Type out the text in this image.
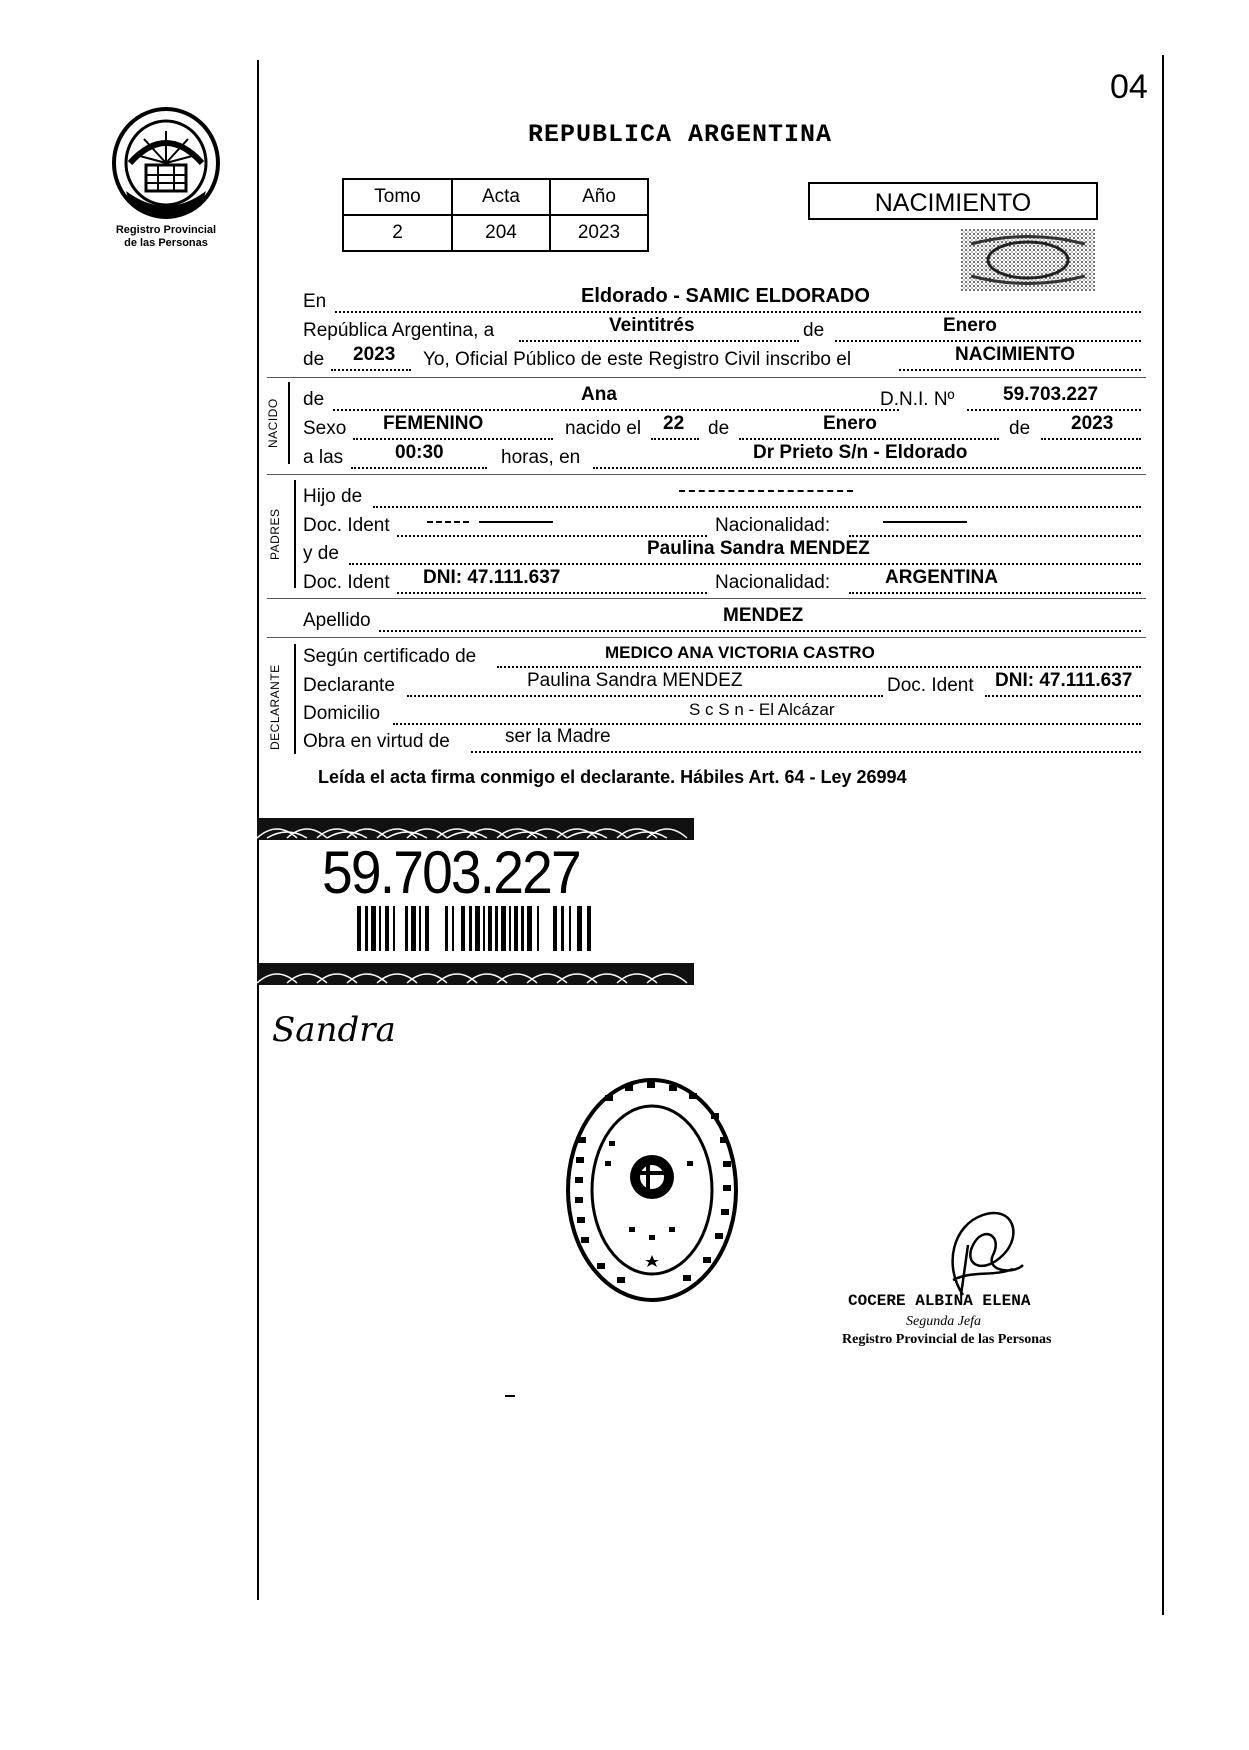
04
REPUBLICA ARGENTINA
Registro Provincial
de las Personas
Tomo	Acta	Año
2	204	2023
NACIMIENTO
En	Eldorado - SAMIC ELDORADO
República Argentina, a	Veintitrés	de	Enero
de 2023 Yo, Oficial Público de este Registro Civil inscribo el	NACIMIENTO
NACIDO de	Ana	D.N.I. Nº	59.703.227
Sexo FEMENINO	nacido el 22 de	Enero	de 2023
a las	00:30	horas, en	Dr Prieto S/n - Eldorado
PADRES
Hijo de
Doc. Ident	Nacionalidad:
y de	Paulina Sandra MENDEZ
Doc. Ident DNI: 47.111.637	Nacionalidad:	ARGENTINA
Apellido	MENDEZ
DECLARANTE
Según certificado de	MEDICO ANA VICTORIA CASTRO
Declarante	Paulina Sandra MENDEZ	Doc. Ident DNI: 47.111.637
Domicilio	S c S n - El Alcázar
Obra en virtud de	ser la Madre
Leída el acta firma conmigo el declarante. Hábiles Art. 64 - Ley 26994
59.703.227
Sandra
COCERE ALBINA ELENA
Segunda Jefa
Registro Provincial de las Personas
